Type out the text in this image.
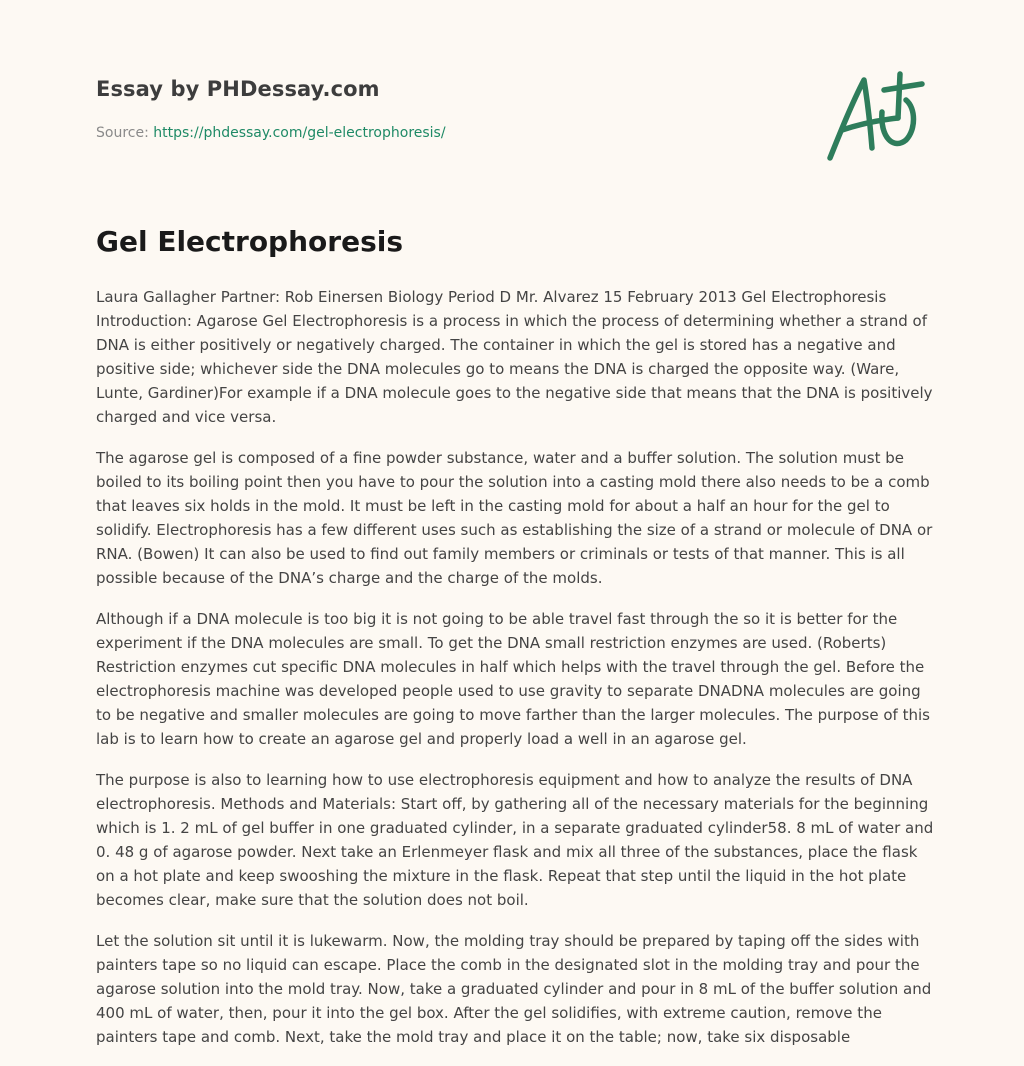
Essay by PHDessay.com
Source: https://phdessay.com/gel-electrophoresis/
Gel Electrophoresis

Laura Gallagher Partner: Rob Einersen Biology Period D Mr. Alvarez 15 February 2013 Gel Electrophoresis Introduction: Agarose Gel Electrophoresis is a process in which the process of determining whether a strand of DNA is either positively or negatively charged. The container in which the gel is stored has a negative and positive side; whichever side the DNA molecules go to means the DNA is charged the opposite way. (Ware, Lunte, Gardiner)For example if a DNA molecule goes to the negative side that means that the DNA is positively charged and vice versa.

The agarose gel is composed of a fine powder substance, water and a buffer solution. The solution must be boiled to its boiling point then you have to pour the solution into a casting mold there also needs to be a comb that leaves six holds in the mold. It must be left in the casting mold for about a half an hour for the gel to solidify. Electrophoresis has a few different uses such as establishing the size of a strand or molecule of DNA or RNA. (Bowen) It can also be used to find out family members or criminals or tests of that manner. This is all possible because of the DNA’s charge and the charge of the molds.

Although if a DNA molecule is too big it is not going to be able travel fast through the so it is better for the experiment if the DNA molecules are small. To get the DNA small restriction enzymes are used. (Roberts) Restriction enzymes cut specific DNA molecules in half which helps with the travel through the gel. Before the electrophoresis machine was developed people used to use gravity to separate DNADNA molecules are going to be negative and smaller molecules are going to move farther than the larger molecules. The purpose of this lab is to learn how to create an agarose gel and properly load a well in an agarose gel.

The purpose is also to learning how to use electrophoresis equipment and how to analyze the results of DNA electrophoresis. Methods and Materials: Start off, by gathering all of the necessary materials for the beginning which is 1. 2 mL of gel buffer in one graduated cylinder, in a separate graduated cylinder58. 8 mL of water and 0. 48 g of agarose powder. Next take an Erlenmeyer flask and mix all three of the substances, place the flask on a hot plate and keep swooshing the mixture in the flask. Repeat that step until the liquid in the hot plate becomes clear, make sure that the solution does not boil.

Let the solution sit until it is lukewarm. Now, the molding tray should be prepared by taping off the sides with painters tape so no liquid can escape. Place the comb in the designated slot in the molding tray and pour the agarose solution into the mold tray. Now, take a graduated cylinder and pour in 8 mL of the buffer solution and 400 mL of water, then, pour it into the gel box. After the gel solidifies, with extreme caution, remove the painters tape and comb. Next, take the mold tray and place it on the table; now, take six disposable
